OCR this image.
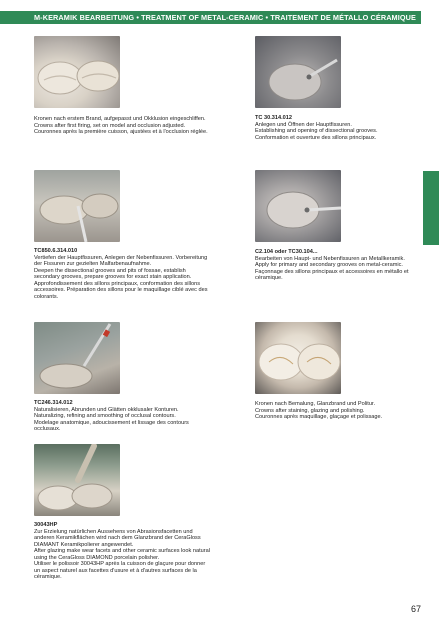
M-KERAMIK BEARBEITUNG • TREATMENT OF METAL-CERAMIC • TRAITEMENT DE MÉTALLO CÉRAMIQUE

Kronen nach erstem Brand, aufgepasst und Okklusion eingeschliffen.

Crowns after first firing, set on model and occlusion adjusted.

Couronnes après la première cuisson, ajustées et à l'occlusion réglée.

TC 30.314.012

Anlegen und Öffnen der Hauptfissuren.

Establishing and opening of dissectional grooves.

Conformation et ouverture des sillons principaux.

TC850.6.314.010

Vertiefen der Hauptfissuren, Anlegen der Nebenfissuren. Vorbereitung der Fissuren zur gezielten Malfarbenaufnahme.

Deepen the dissectional grooves and pits of fossae, establish secondary grooves, prepare grooves for exact stain application.

Approfondissement des sillons principaux, conformation des sillons accessoires. Préparation des sillons pour le maquillage ciblé avec des colorants.

C2.104 oder TC30.104...

Bearbeiten von Haupt- und Nebenfissuren an Metallkeramik.

Apply for primary and secondary grooves on metal-ceramic.

Façonnage des sillons principaux et accessoires en métallo et céramique.

TC246.314.012

Naturalisieren, Abrunden und Glätten okklusaler Konturen.

Naturalizing, refining and smoothing of occlusal contours.

Modelage anatomique, adoucissement et lissage des contours occlusaux.

Kronen nach Bemalung, Glanzbrand und Politur.

Crowns after staining, glazing and polishing.

Couronnes après maquillage, glaçage et polissage.

30043HP

Zur Erzielung natürlichen Aussehens von Abrasionsfacetten und anderen Keramikflächen wird nach dem Glanzbrand der CeraGloss DIAMANT Keramikpolierer angewendet.

After glazing make wear facets and other ceramic surfaces look natural using the CeraGloss DIAMOND porcelain polisher.

Utiliser le polissoir 30043HP après la cuisson de glaçure pour donner un aspect naturel aux facettes d'usure et à d'autres surfaces de la céramique.

67
